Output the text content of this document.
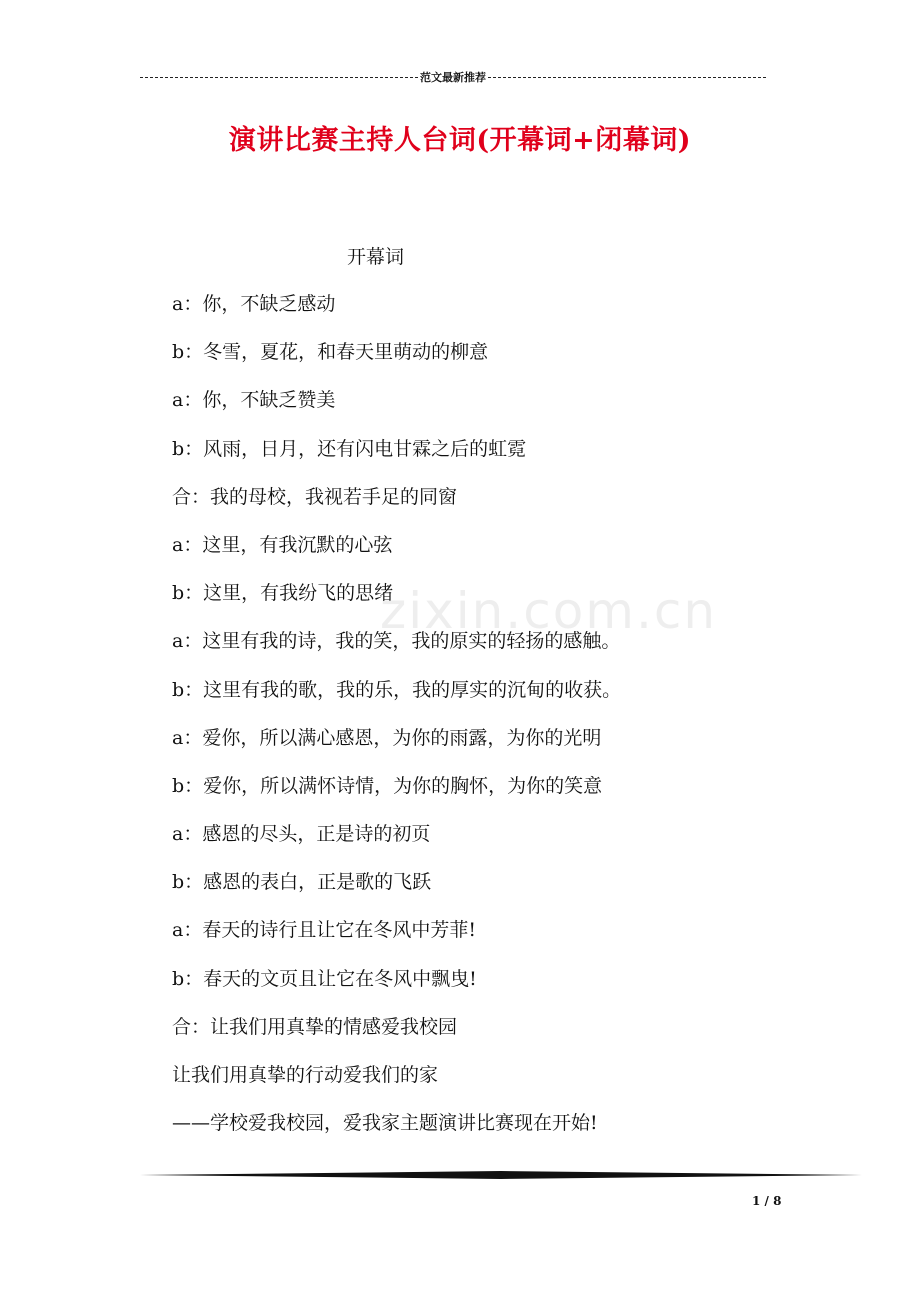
范文最新推荐
演讲比赛主持人台词(开幕词+闭幕词)
zixin.com.cn
开幕词
a：你，不缺乏感动
b：冬雪，夏花，和春天里萌动的柳意
a：你，不缺乏赞美
b：风雨，日月，还有闪电甘霖之后的虹霓
合：我的母校，我视若手足的同窗
a：这里，有我沉默的心弦
b：这里，有我纷飞的思绪
a：这里有我的诗，我的笑，我的原实的轻扬的感触。
b：这里有我的歌，我的乐，我的厚实的沉甸的收获。
a：爱你，所以满心感恩，为你的雨露，为你的光明
b：爱你，所以满怀诗情，为你的胸怀，为你的笑意
a：感恩的尽头，正是诗的初页
b：感恩的表白，正是歌的飞跃
a：春天的诗行且让它在冬风中芳菲!
b：春天的文页且让它在冬风中飘曳!
合：让我们用真挚的情感爱我校园
让我们用真挚的行动爱我们的家
——学校爱我校园，爱我家主题演讲比赛现在开始!
1 / 8
